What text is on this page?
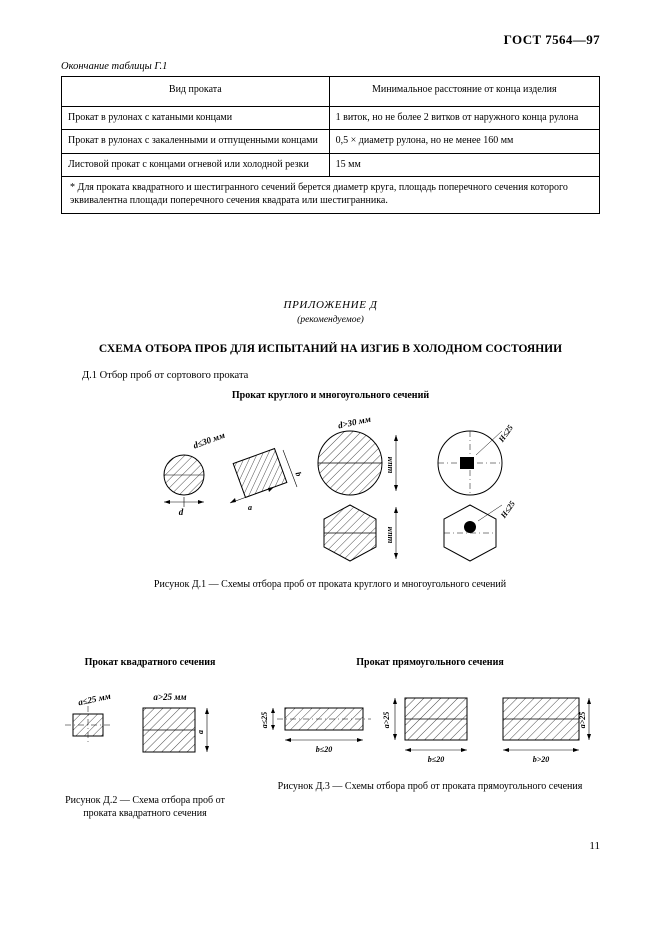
ГОСТ 7564—97
Окончание таблицы Г.1
Вид проката	Минимальное расстояние от конца изделия
Прокат в рулонах с катаными концами	1 виток, но не более 2 витков от наружного конца рулона
Прокат в рулонах с закаленными и отпущенными концами	0,5 × диаметр рулона, но не менее 160 мм
Листовой прокат с концами огневой или холодной резки	15 мм
* Для проката квадратного и шестигранного сечений берется диаметр круга, площадь поперечного сечения которого эквивалентна площади поперечного сечения квадрата или шестигранника.	
ПРИЛОЖЕНИЕ Д
(рекомендуемое)
СХЕМА ОТБОРА ПРОБ ДЛЯ ИСПЫТАНИЙ НА ИЗГИБ В ХОЛОДНОМ СОСТОЯНИИ
Д.1 Отбор проб от сортового проката
Прокат круглого и многоугольного сечений
d
d≤30 мм
a
b
d>30 мм
шим
шим
Н≤25
Н≤25
Рисунок Д.1 — Схемы отбора проб от проката круглого и многоугольного сечений
Прокат квадратного сечения
a≤25 мм	a>25 мм
a
Рисунок Д.2 — Схема отбора проб от проката квадратного сечения
Прокат прямоугольного сечения
a≤25
b≤20
a>25
b≤20
a>25
b>20
Рисунок Д.3 — Схемы отбора проб от проката прямоугольного сечения
11
